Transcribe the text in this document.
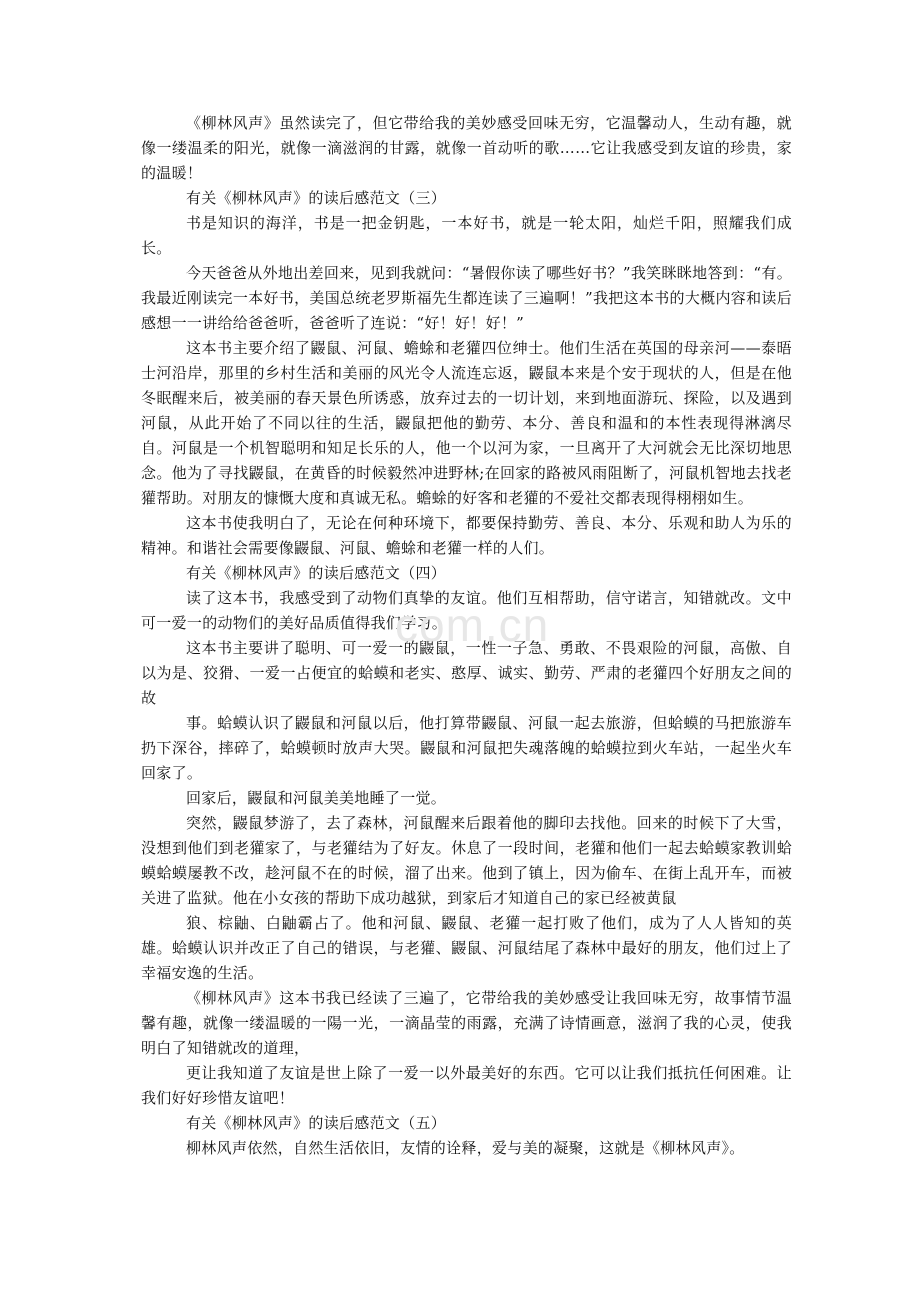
《柳林风声》虽然读完了，但它带给我的美妙感受回味无穷，它温馨动人，生动有趣，就像一缕温柔的阳光，就像一滴滋润的甘露，就像一首动听的歌……它让我感受到友谊的珍贵，家的温暖！

有关《柳林风声》的读后感范文（三）

书是知识的海洋，书是一把金钥匙，一本好书，就是一轮太阳，灿烂千阳，照耀我们成长。

今天爸爸从外地出差回来，见到我就问：“暑假你读了哪些好书？”我笑眯眯地答到：“有。我最近刚读完一本好书，美国总统老罗斯福先生都连读了三遍啊！”我把这本书的大概内容和读后感想一一讲给给爸爸听，爸爸听了连说：“好！好！好！”

这本书主要介绍了鼹鼠、河鼠、蟾蜍和老獾四位绅士。他们生活在英国的母亲河——泰晤士河沿岸，那里的乡村生活和美丽的风光令人流连忘返，鼹鼠本来是个安于现状的人，但是在他冬眠醒来后，被美丽的春天景色所诱惑，放弃过去的一切计划，来到地面游玩、探险，以及遇到河鼠，从此开始了不同以往的生活，鼹鼠把他的勤劳、本分、善良和温和的本性表现得淋漓尽自。河鼠是一个机智聪明和知足长乐的人，他一个以河为家，一旦离开了大河就会无比深切地思念。他为了寻找鼹鼠，在黄昏的时候毅然冲进野林;在回家的路被风雨阻断了，河鼠机智地去找老獾帮助。对朋友的慷慨大度和真诚无私。蟾蜍的好客和老獾的不爱社交都表现得栩栩如生。

这本书使我明白了，无论在何种环境下，都要保持勤劳、善良、本分、乐观和助人为乐的精神。和谐社会需要像鼹鼠、河鼠、蟾蜍和老獾一样的人们。

有关《柳林风声》的读后感范文（四）

读了这本书，我感受到了动物们真挚的友谊。他们互相帮助，信守诺言，知错就改。文中可一爱一的动物们的美好品质值得我们学习。

这本书主要讲了聪明、可一爱一的鼹鼠，一性一子急、勇敢、不畏艰险的河鼠，高傲、自以为是、狡猾、一爱一占便宜的蛤蟆和老实、憨厚、诚实、勤劳、严肃的老獾四个好朋友之间的故

事。蛤蟆认识了鼹鼠和河鼠以后，他打算带鼹鼠、河鼠一起去旅游，但蛤蟆的马把旅游车扔下深谷，摔碎了，蛤蟆顿时放声大哭。鼹鼠和河鼠把失魂落魄的蛤蟆拉到火车站，一起坐火车回家了。

回家后，鼹鼠和河鼠美美地睡了一觉。

突然，鼹鼠梦游了，去了森林，河鼠醒来后跟着他的脚印去找他。回来的时候下了大雪，没想到他们到老獾家了，与老獾结为了好友。休息了一段时间，老獾和他们一起去蛤蟆家教训蛤蟆蛤蟆屡教不改，趁河鼠不在的时候，溜了出来。他到了镇上，因为偷车、在街上乱开车，而被关进了监狱。他在小女孩的帮助下成功越狱，到家后才知道自己的家已经被黄鼠

狼、棕鼬、白鼬霸占了。他和河鼠、鼹鼠、老獾一起打败了他们，成为了人人皆知的英雄。蛤蟆认识并改正了自己的错误，与老獾、鼹鼠、河鼠结尾了森林中最好的朋友，他们过上了幸福安逸的生活。

《柳林风声》这本书我已经读了三遍了，它带给我的美妙感受让我回味无穷，故事情节温馨有趣，就像一缕温暖的一陽一光，一滴晶莹的雨露，充满了诗情画意，滋润了我的心灵，使我明白了知错就改的道理，

更让我知道了友谊是世上除了一爱一以外最美好的东西。它可以让我们抵抗任何困难。让我们好好珍惜友谊吧！

有关《柳林风声》的读后感范文（五）

柳林风声依然，自然生活依旧，友情的诠释，爱与美的凝聚，这就是《柳林风声》。

com.cn
